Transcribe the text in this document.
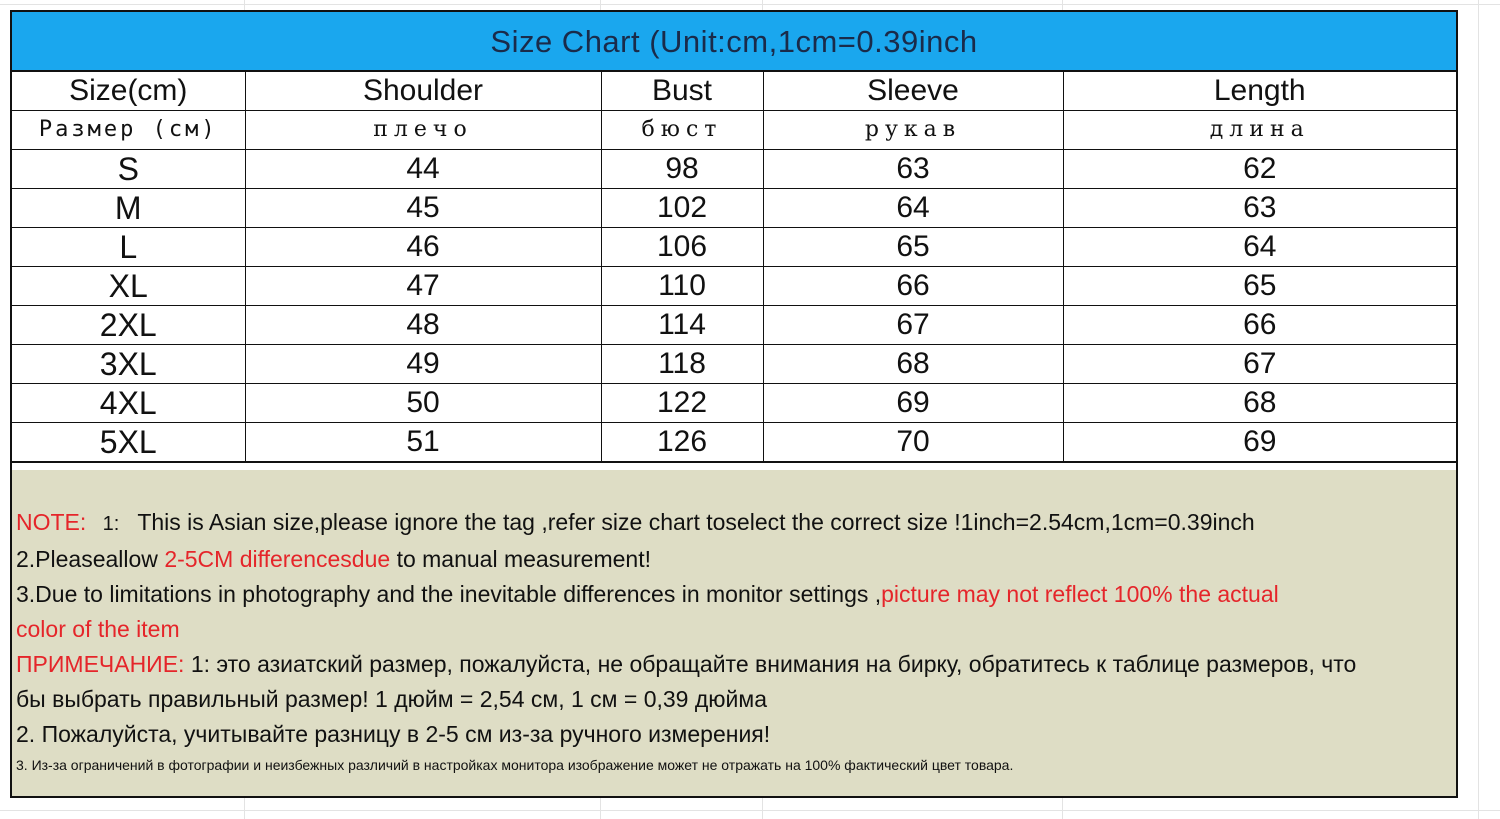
Size Chart (Unit:cm,1cm=0.39inch
Size(cm)	Shoulder	Bust	Sleeve	Length
Размер (см)	плечо	бюст	рукав	длина
S	44	98	63	62
M	45	102	64	63
L	46	106	65	64
XL	47	110	66	65
2XL	48	114	67	66
3XL	49	118	68	67
4XL	50	122	69	68
5XL	51	126	70	69
NOTE: 1: This is Asian size,please ignore the tag ,refer size chart toselect the correct size !1inch=2.54cm,1cm=0.39inch
2.Pleaseallow 2-5CM differencesdue to manual measurement!
3.Due to limitations in photography and the inevitable differences in monitor settings ,picture may not reflect 100% the actual
color of the item
ПРИМЕЧАНИЕ: 1: это азиатский размер, пожалуйста, не обращайте внимания на бирку, обратитесь к таблице размеров, что
бы выбрать правильный размер! 1 дюйм = 2,54 см, 1 см = 0,39 дюйма
2. Пожалуйста, учитывайте разницу в 2-5 см из-за ручного измерения!
3. Из-за ограничений в фотографии и неизбежных различий в настройках монитора изображение может не отражать на 100% фактический цвет товара.
